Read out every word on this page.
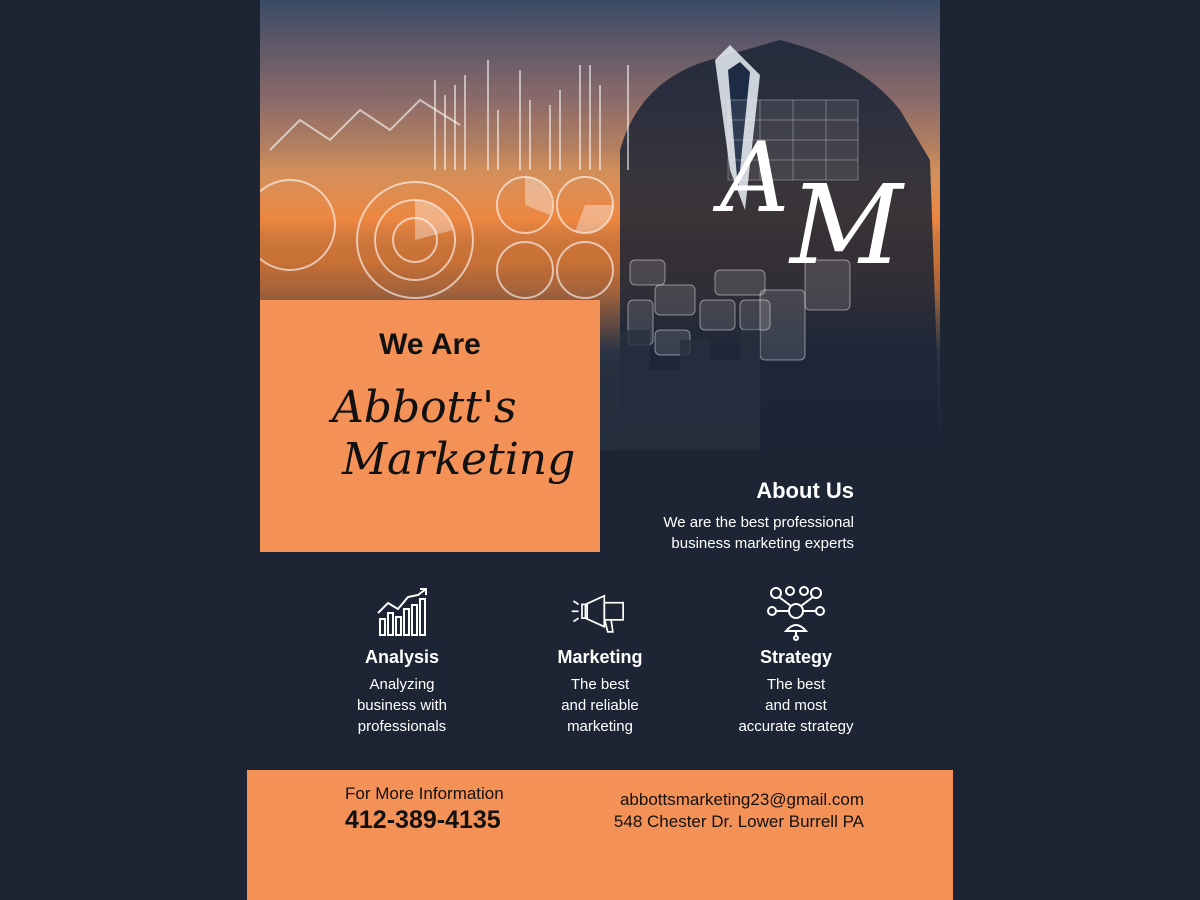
A M
We Are
Abbott's
Marketing
About Us

We are the best professional
business marketing experts

Analysis

Analyzing
business with
professionals

Marketing

The best
and reliable
marketing

Strategy

The best
and most
accurate strategy

For More Information
412-389-4135
abbottsmarketing23@gmail.com
548 Chester Dr. Lower Burrell PA
